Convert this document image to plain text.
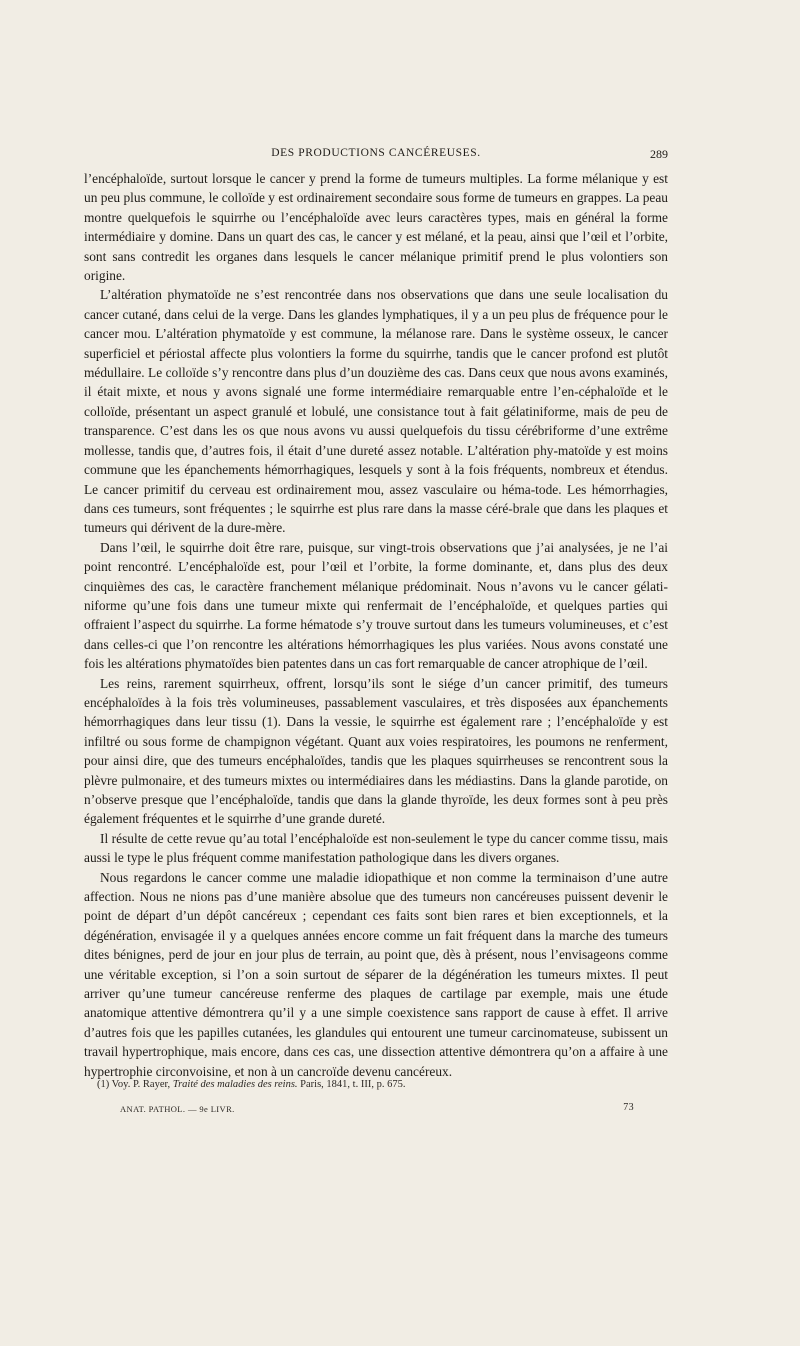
DES PRODUCTIONS CANCÉREUSES.	289

l’encéphaloïde, surtout lorsque le cancer y prend la forme de tumeurs multiples. La forme mélanique y est un peu plus commune, le colloïde y est ordinairement secondaire sous forme de tumeurs en grappes. La peau montre quelquefois le squirrhe ou l’encéphaloïde avec leurs caractères types, mais en général la forme intermédiaire y domine. Dans un quart des cas, le cancer y est mélané, et la peau, ainsi que l’œil et l’orbite, sont sans contredit les organes dans lesquels le cancer mélanique primitif prend le plus volontiers son origine.

L’altération phymatoïde ne s’est rencontrée dans nos observations que dans une seule localisation du cancer cutané, dans celui de la verge. Dans les glandes lymphatiques, il y a un peu plus de fréquence pour le cancer mou. L’altération phymatoïde y est commune, la mélanose rare. Dans le système osseux, le cancer superficiel et périostal affecte plus volontiers la forme du squirrhe, tandis que le cancer profond est plutôt médullaire. Le colloïde s’y rencontre dans plus d’un douzième des cas. Dans ceux que nous avons examinés, il était mixte, et nous y avons signalé une forme intermédiaire remarquable entre l’en-céphaloïde et le colloïde, présentant un aspect granulé et lobulé, une consistance tout à fait gélatiniforme, mais de peu de transparence. C’est dans les os que nous avons vu aussi quelquefois du tissu cérébriforme d’une extrême mollesse, tandis que, d’autres fois, il était d’une dureté assez notable. L’altération phy-matoïde y est moins commune que les épanchements hémorrhagiques, lesquels y sont à la fois fréquents, nombreux et étendus. Le cancer primitif du cerveau est ordinairement mou, assez vasculaire ou héma-tode. Les hémorrhagies, dans ces tumeurs, sont fréquentes ; le squirrhe est plus rare dans la masse céré-brale que dans les plaques et tumeurs qui dérivent de la dure-mère.

Dans l’œil, le squirrhe doit être rare, puisque, sur vingt-trois observations que j’ai analysées, je ne l’ai point rencontré. L’encéphaloïde est, pour l’œil et l’orbite, la forme dominante, et, dans plus des deux cinquièmes des cas, le caractère franchement mélanique prédominait. Nous n’avons vu le cancer gélati-niforme qu’une fois dans une tumeur mixte qui renfermait de l’encéphaloïde, et quelques parties qui offraient l’aspect du squirrhe. La forme hématode s’y trouve surtout dans les tumeurs volumineuses, et c’est dans celles-ci que l’on rencontre les altérations hémorrhagiques les plus variées. Nous avons constaté une fois les altérations phymatoïdes bien patentes dans un cas fort remarquable de cancer atrophique de l’œil.

Les reins, rarement squirrheux, offrent, lorsqu’ils sont le siége d’un cancer primitif, des tumeurs encéphaloïdes à la fois très volumineuses, passablement vasculaires, et très disposées aux épanchements hémorrhagiques dans leur tissu (1). Dans la vessie, le squirrhe est également rare ; l’encéphaloïde y est infiltré ou sous forme de champignon végétant. Quant aux voies respiratoires, les poumons ne renferment, pour ainsi dire, que des tumeurs encéphaloïdes, tandis que les plaques squirrheuses se rencontrent sous la plèvre pulmonaire, et des tumeurs mixtes ou intermédiaires dans les médiastins. Dans la glande parotide, on n’observe presque que l’encéphaloïde, tandis que dans la glande thyroïde, les deux formes sont à peu près également fréquentes et le squirrhe d’une grande dureté.

Il résulte de cette revue qu’au total l’encéphaloïde est non-seulement le type du cancer comme tissu, mais aussi le type le plus fréquent comme manifestation pathologique dans les divers organes.

Nous regardons le cancer comme une maladie idiopathique et non comme la terminaison d’une autre affection. Nous ne nions pas d’une manière absolue que des tumeurs non cancéreuses puissent devenir le point de départ d’un dépôt cancéreux ; cependant ces faits sont bien rares et bien exceptionnels, et la dégénération, envisagée il y a quelques années encore comme un fait fréquent dans la marche des tumeurs dites bénignes, perd de jour en jour plus de terrain, au point que, dès à présent, nous l’envisageons comme une véritable exception, si l’on a soin surtout de séparer de la dégénération les tumeurs mixtes. Il peut arriver qu’une tumeur cancéreuse renferme des plaques de cartilage par exemple, mais une étude anatomique attentive démontrera qu’il y a une simple coexistence sans rapport de cause à effet. Il arrive d’autres fois que les papilles cutanées, les glandules qui entourent une tumeur carcinomateuse, subissent un travail hypertrophique, mais encore, dans ces cas, une dissection attentive démontrera qu’on a affaire à une hypertrophie circonvoisine, et non à un cancroïde devenu cancéreux.

(1) Voy. P. Rayer, Traité des maladies des reins. Paris, 1841, t. III, p. 675.
ANAT. PATHOL. — 9e LIVR.	73
